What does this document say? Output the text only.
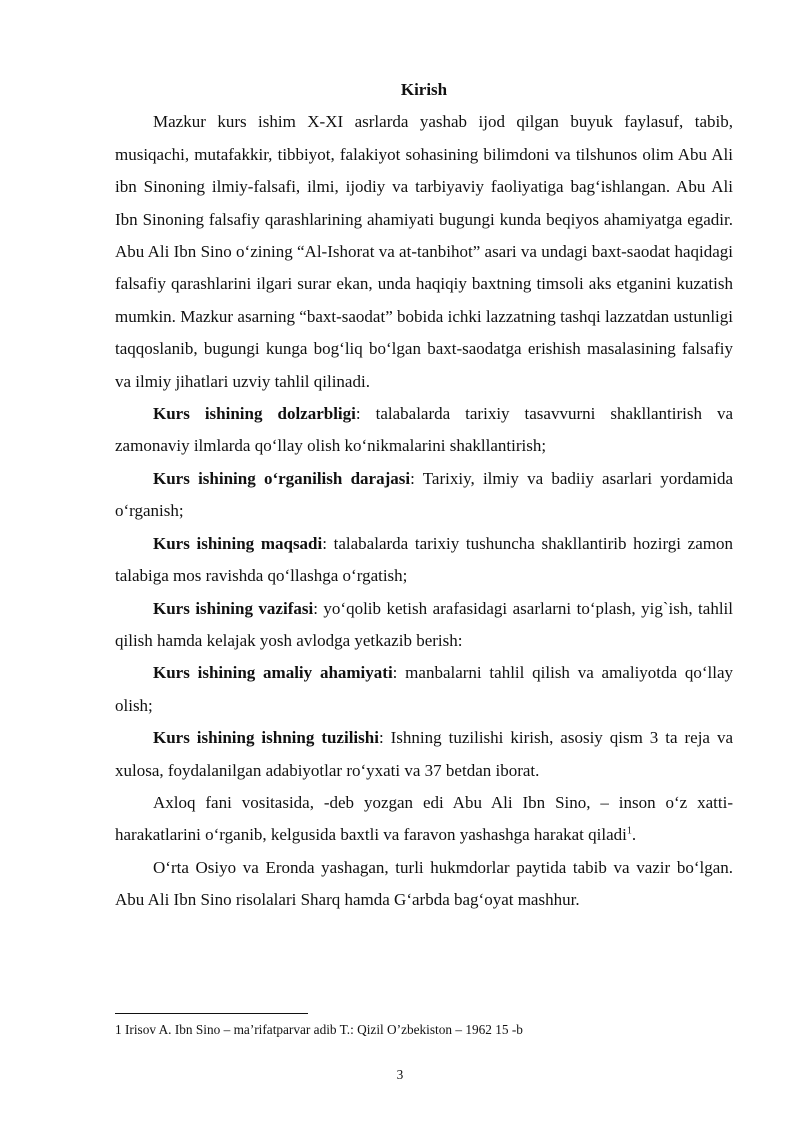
Kirish

Mazkur kurs ishim X-XI asrlarda yashab ijod qilgan buyuk faylasuf, tabib, musiqachi, mutafakkir, tibbiyot, falakiyot sohasining bilimdoni va tilshunos olim Abu Ali ibn Sinoning ilmiy-falsafi, ilmi, ijodiy va tarbiyaviy faoliyatiga bag‘ishlangan. Abu Ali Ibn Sinoning falsafiy qarashlarining ahamiyati bugungi kunda beqiyos ahamiyatga egadir. Abu Ali Ibn Sino o‘zining “Al-Ishorat va at-tanbihot” asari va undagi baxt-saodat haqidagi falsafiy qarashlarini ilgari surar ekan, unda haqiqiy baxtning timsoli aks etganini kuzatish mumkin. Mazkur asarning “baxt-saodat” bobida ichki lazzatning tashqi lazzatdan ustunligi taqqoslanib, bugungi kunga bog‘liq bo‘lgan baxt-saodatga erishish masalasining falsafiy va ilmiy jihatlari uzviy tahlil qilinadi.

Kurs ishining dolzarbligi: talabalarda tarixiy tasavvurni shakllantirish va zamonaviy ilmlarda qo‘llay olish ko‘nikmalarini shakllantirish;

Kurs ishining o‘rganilish darajasi: Tarixiy, ilmiy va badiiy asarlari yordamida o‘rganish;

Kurs ishining maqsadi: talabalarda tarixiy tushuncha shakllantirib hozirgi zamon talabiga mos ravishda qo‘llashga o‘rgatish;

Kurs ishining vazifasi: yo‘qolib ketish arafasidagi asarlarni to‘plash, yig`ish, tahlil qilish hamda kelajak yosh avlodga yetkazib berish:

Kurs ishining amaliy ahamiyati: manbalarni tahlil qilish va amaliyotda qo‘llay olish;

Kurs ishining ishning tuzilishi: Ishning tuzilishi kirish, asosiy qism 3 ta reja va xulosa, foydalanilgan adabiyotlar ro‘yxati va 37 betdan iborat.

Axloq fani vositasida, -deb yozgan edi Abu Ali Ibn Sino, – inson o‘z xatti-harakatlarini o‘rganib, kelgusida baxtli va faravon yashashga harakat qiladi$^1$.

O‘rta Osiyo va Eronda yashagan, turli hukmdorlar paytida tabib va vazir bo‘lgan. Abu Ali Ibn Sino risolalari Sharq hamda G‘arbda bag‘oyat mashhur.

1 Irisov A. Ibn Sino – ma’rifatparvar adib T.: Qizil O’zbekiston – 1962 15 -b

3
